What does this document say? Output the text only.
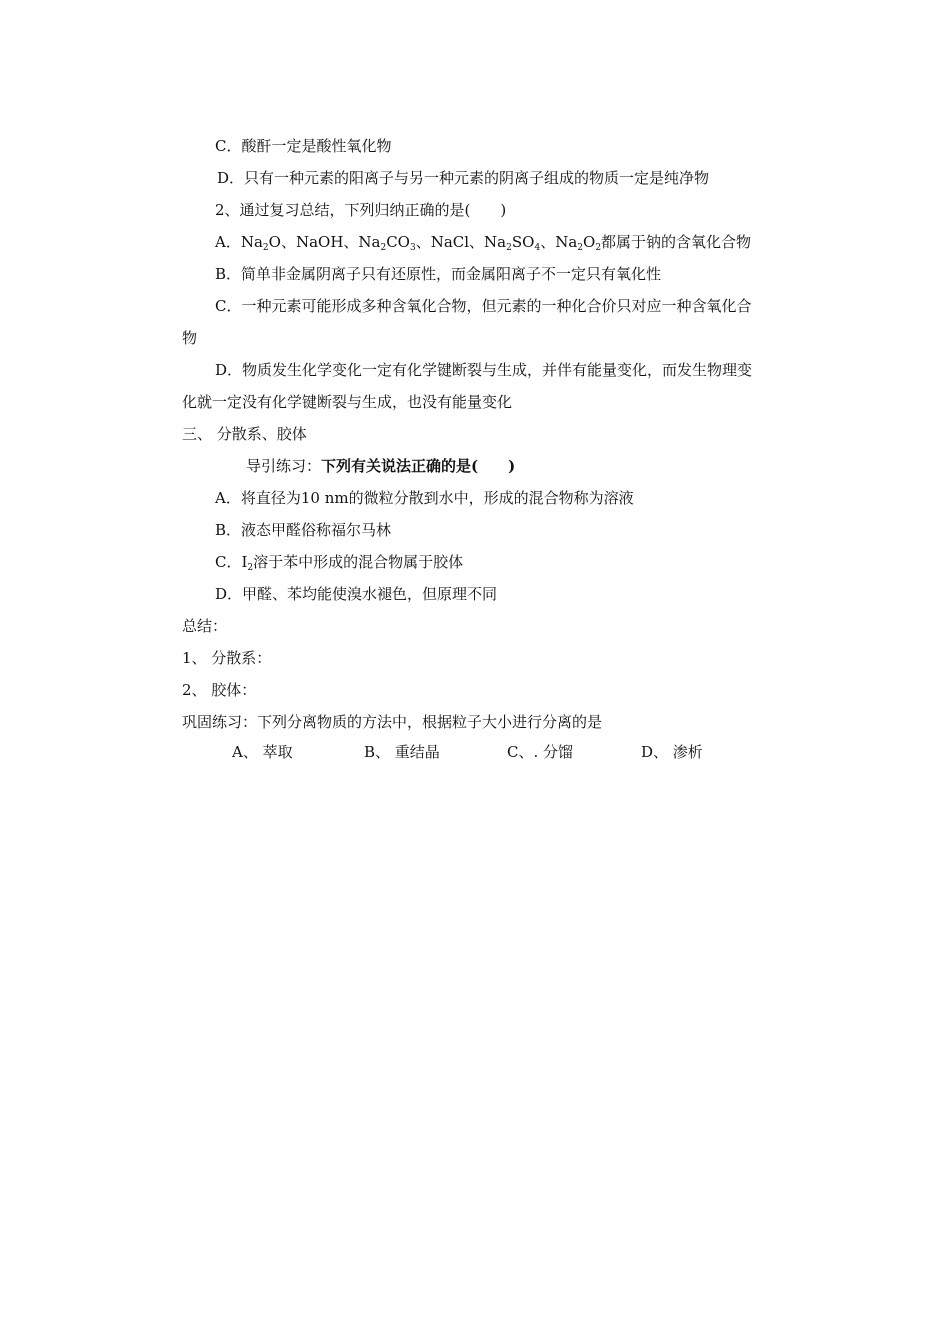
C．酸酐一定是酸性氧化物
D．只有一种元素的阳离子与另一种元素的阴离子组成的物质一定是纯净物
2、通过复习总结，下列归纳正确的是(　　)
A．$Na_2O$、NaOH、$Na_2CO_3$、NaCl、$Na_2SO_4$、$Na_2O_2$都属于钠的含氧化合物
B．简单非金属阴离子只有还原性，而金属阳离子不一定只有氧化性
C．一种元素可能形成多种含氧化合物，但元素的一种化合价只对应一种含氧化合
物
D．物质发生化学变化一定有化学键断裂与生成，并伴有能量变化，而发生物理变
化就一定没有化学键断裂与生成，也没有能量变化
三、 分散系、胶体
导引练习：下列有关说法正确的是(　　)
A．将直径为10 nm的微粒分散到水中，形成的混合物称为溶液
B．液态甲醛俗称福尔马林
C．$I_2$溶于苯中形成的混合物属于胶体
D．甲醛、苯均能使溴水褪色，但原理不同
总结：
1、 分散系：
2、 胶体：
巩固练习：下列分离物质的方法中，根据粒子大小进行分离的是
A、 萃取	B、 重结晶	C、. 分馏	D、 渗析
